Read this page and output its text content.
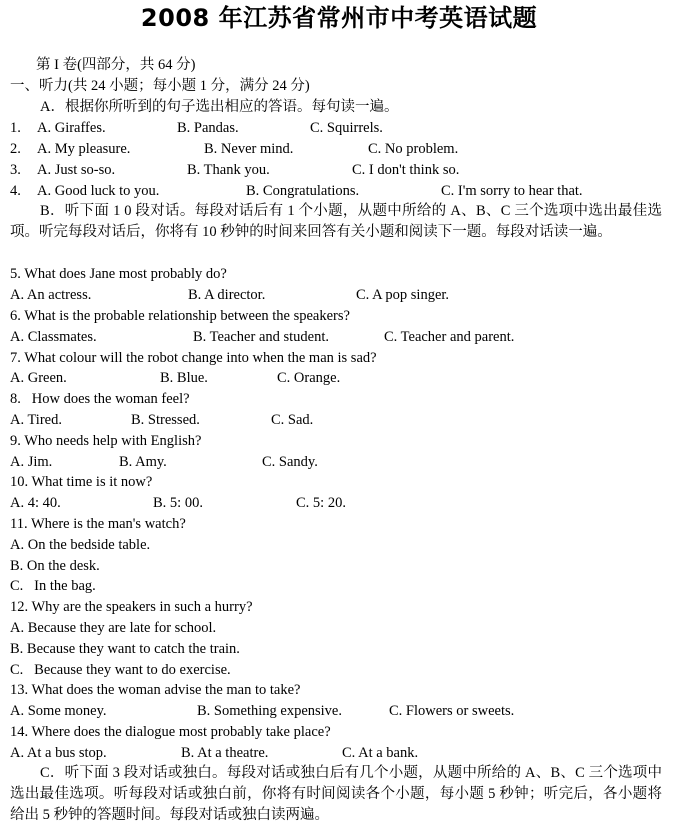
2008 年江苏省常州市中考英语试题
第 I 卷(四部分，共 64 分)
一、听力(共 24 小题；每小题 1 分，满分 24 分)
A．根据你所听到的句子选出相应的答语。每句读一遍。
1. A. Giraffes.	B. Pandas.	C. Squirrels.
2. A. My pleasure.	B. Never mind.	C. No problem.
3. A. Just so-so.	B. Thank you.	C. I don't think so.
4. A. Good luck to you.	B. Congratulations.	C. I'm sorry to hear that.
B．听下面 1 0 段对话。每段对话后有 1 个小题，从题中所给的 A、B、C 三个选项中选出最佳选项。听完每段对话后，你将有 10 秒钟的时间来回答有关小题和阅读下一题。每段对话读一遍。
5. What does Jane most probably do?
A. An actress.	B. A director.	C. A pop singer.
6. What is the probable relationship between the speakers?
A. Classmates.	B. Teacher and student.	C. Teacher and parent.
7. What colour will the robot change into when the man is sad?
A. Green.	B. Blue.	C. Orange.
8.   How does the woman feel?
A. Tired.	B. Stressed.	C. Sad.
9. Who needs help with English?
A. Jim.	B. Amy.	C. Sandy.
10. What time is it now?
A. 4: 40.	B. 5: 00.	C. 5: 20.
11. Where is the man's watch?
A. On the bedside table.
B. On the desk.
C.   In the bag.
12. Why are the speakers in such a hurry?
A. Because they are late for school.
B. Because they want to catch the train.
C.   Because they want to do exercise.
13. What does the woman advise the man to take?
A. Some money.	B. Something expensive.	C. Flowers or sweets.
14. Where does the dialogue most probably take place?
A. At a bus stop.	B. At a theatre.	C. At a bank.
C．听下面 3 段对话或独白。每段对话或独白后有几个小题，从题中所给的 A、B、C 三个选项中选出最佳选项。听每段对话或独白前，你将有时间阅读各个小题，每小题 5 秒钟；听完后，各小题将给出 5 秒钟的答题时间。每段对话或独白读两遍。
